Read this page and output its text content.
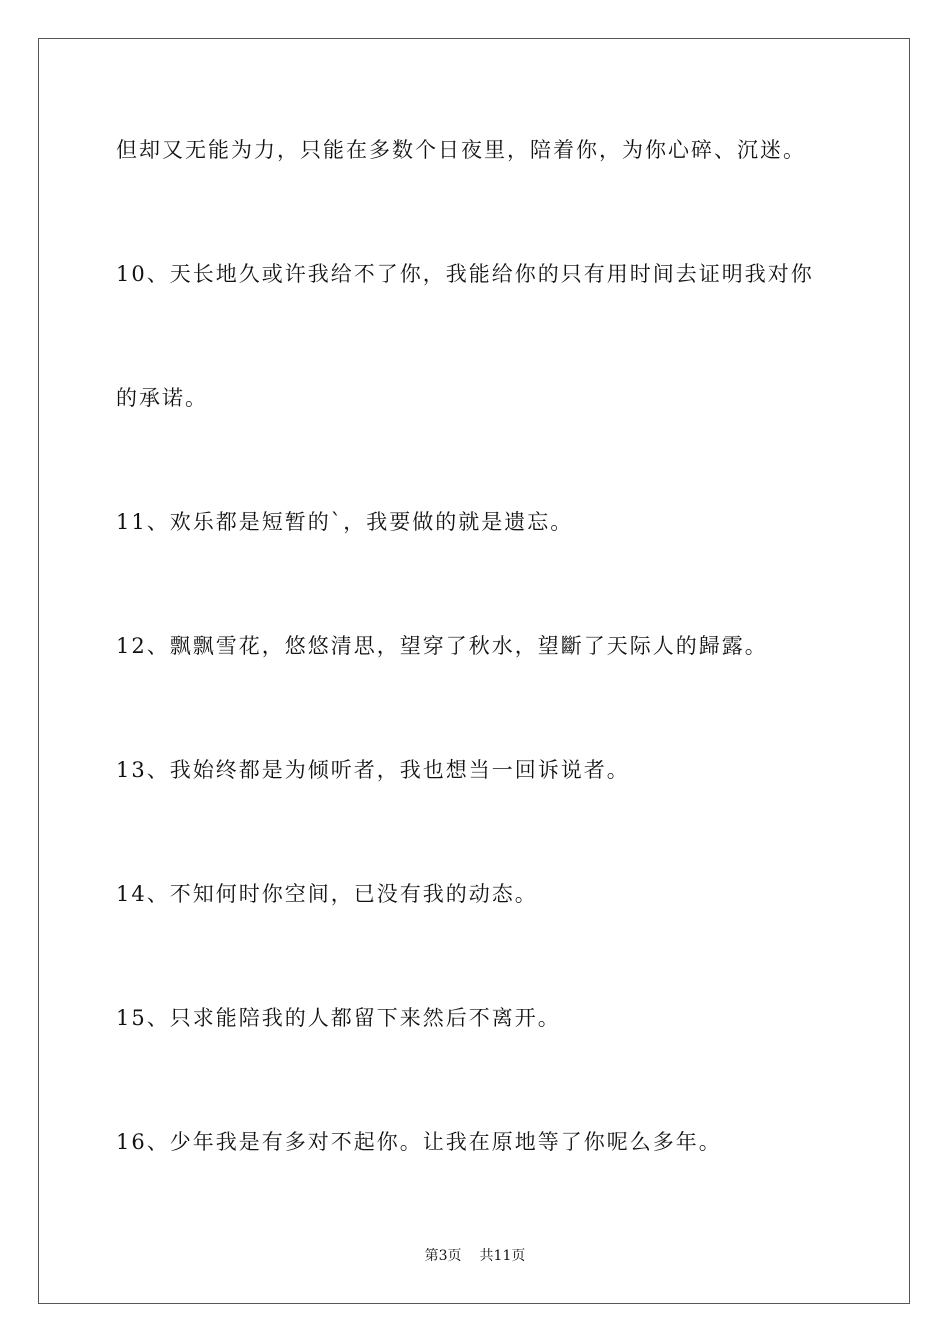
但却又无能为力，只能在多数个日夜里，陪着你，为你心碎、沉迷。
10、天长地久或许我给不了你，我能给你的只有用时间去证明我对你
的承诺。
11、欢乐都是短暂的`，我要做的就是遗忘。
12、飘飘雪花，悠悠清思，望穿了秋水，望斷了天际人的歸露。
13、我始终都是为倾听者，我也想当一回诉说者。
14、不知何时你空间，已没有我的动态。
15、只求能陪我的人都留下来然后不离开。
16、少年我是有多对不起你。让我在原地等了你呢么多年。
第3页 共11页
